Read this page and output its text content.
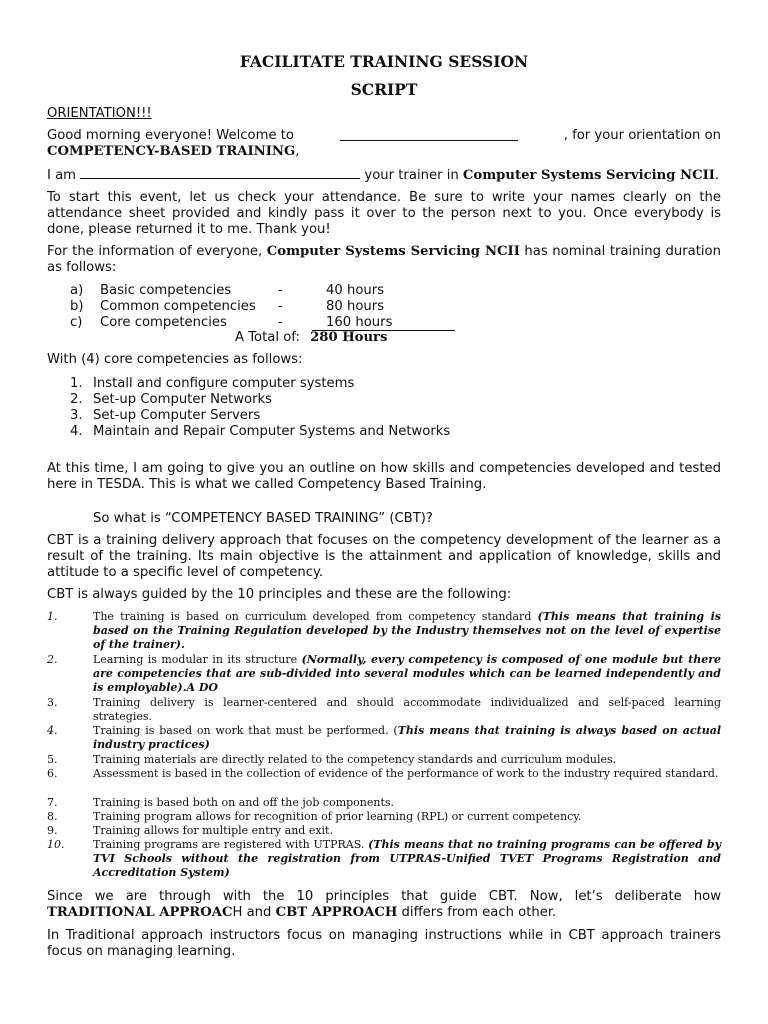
FACILITATE TRAINING SESSION
SCRIPT
ORIENTATION!!!
Good morning everyone! Welcome to	, for your orientation on
COMPETENCY-BASED TRAINING,
I am	your trainer in Computer Systems Servicing NCII.
To start this event, let us check your attendance. Be sure to write your names clearly on the attendance sheet provided and kindly pass it over to the person next to you. Once everybody is done, please returned it to me. Thank you!
For the information of everyone, Computer Systems Servicing NCII has nominal training duration as follows:
a) Basic competencies	-	40 hours
b) Common competencies -	80 hours
c) Core competencies	-	160 hours
A Total of: 280 Hours
With (4) core competencies as follows:
1. Install and configure computer systems
2. Set-up Computer Networks
3. Set-up Computer Servers
4. Maintain and Repair Computer Systems and Networks
At this time, I am going to give you an outline on how skills and competencies developed and tested here in TESDA. This is what we called Competency Based Training.
So what is “COMPETENCY BASED TRAINING” (CBT)?
CBT is a training delivery approach that focuses on the competency development of the learner as a result of the training. Its main objective is the attainment and application of knowledge, skills and attitude to a specific level of competency.
CBT is always guided by the 10 principles and these are the following:
1.	The training is based on curriculum developed from competency standard (This means that training is based on the Training Regulation developed by the Industry themselves not on the level of expertise of the trainer).
2.	Learning is modular in its structure (Normally, every competency is composed of one module but there are competencies that are sub-divided into several modules which can be learned independently and is employable).A DO
3.	Training delivery is learner-centered and should accommodate individualized and self-paced learning strategies.
4.	Training is based on work that must be performed. (This means that training is always based on actual industry practices)
5.	Training materials are directly related to the competency standards and curriculum modules.
6.	Assessment is based in the collection of evidence of the performance of work to the industry required standard.
7.	Training is based both on and off the job components.
8.	Training program allows for recognition of prior learning (RPL) or current competency.
9.	Training allows for multiple entry and exit.
10.	Training programs are registered with UTPRAS. (This means that no training programs can be offered by TVI Schools without the registration from UTPRAS-Unified TVET Programs Registration and Accreditation System)
Since we are through with the 10 principles that guide CBT. Now, let’s deliberate how TRADITIONAL APPROACH and CBT APPROACH differs from each other.
In Traditional approach instructors focus on managing instructions while in CBT approach trainers focus on managing learning.
